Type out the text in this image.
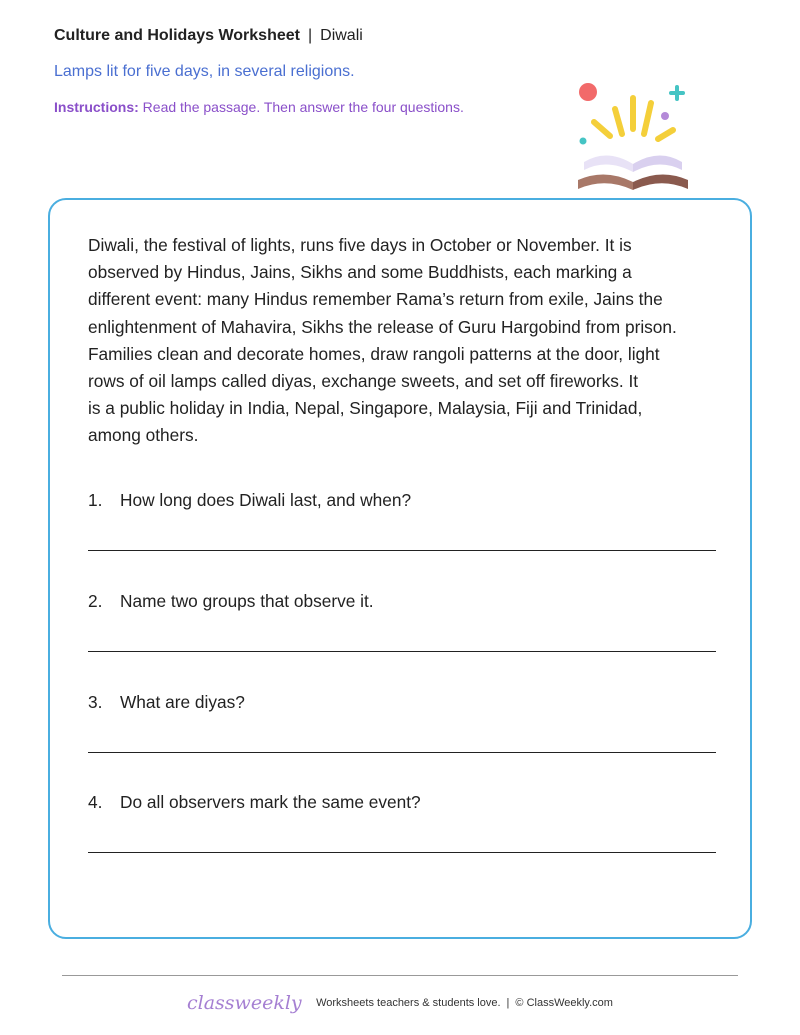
Culture and Holidays Worksheet | Diwali
Lamps lit for five days, in several religions.
Instructions: Read the passage. Then answer the four questions.
Diwali, the festival of lights, runs five days in October or November. It is
observed by Hindus, Jains, Sikhs and some Buddhists, each marking a
different event: many Hindus remember Rama’s return from exile, Jains the
enlightenment of Mahavira, Sikhs the release of Guru Hargobind from prison.
Families clean and decorate homes, draw rangoli patterns at the door, light
rows of oil lamps called diyas, exchange sweets, and set off fireworks. It
is a public holiday in India, Nepal, Singapore, Malaysia, Fiji and Trinidad,
among others.
1. How long does Diwali last, and when?
2. Name two groups that observe it.
3. What are diyas?
4. Do all observers mark the same event?
classweekly Worksheets teachers & students love. | © ClassWeekly.com
